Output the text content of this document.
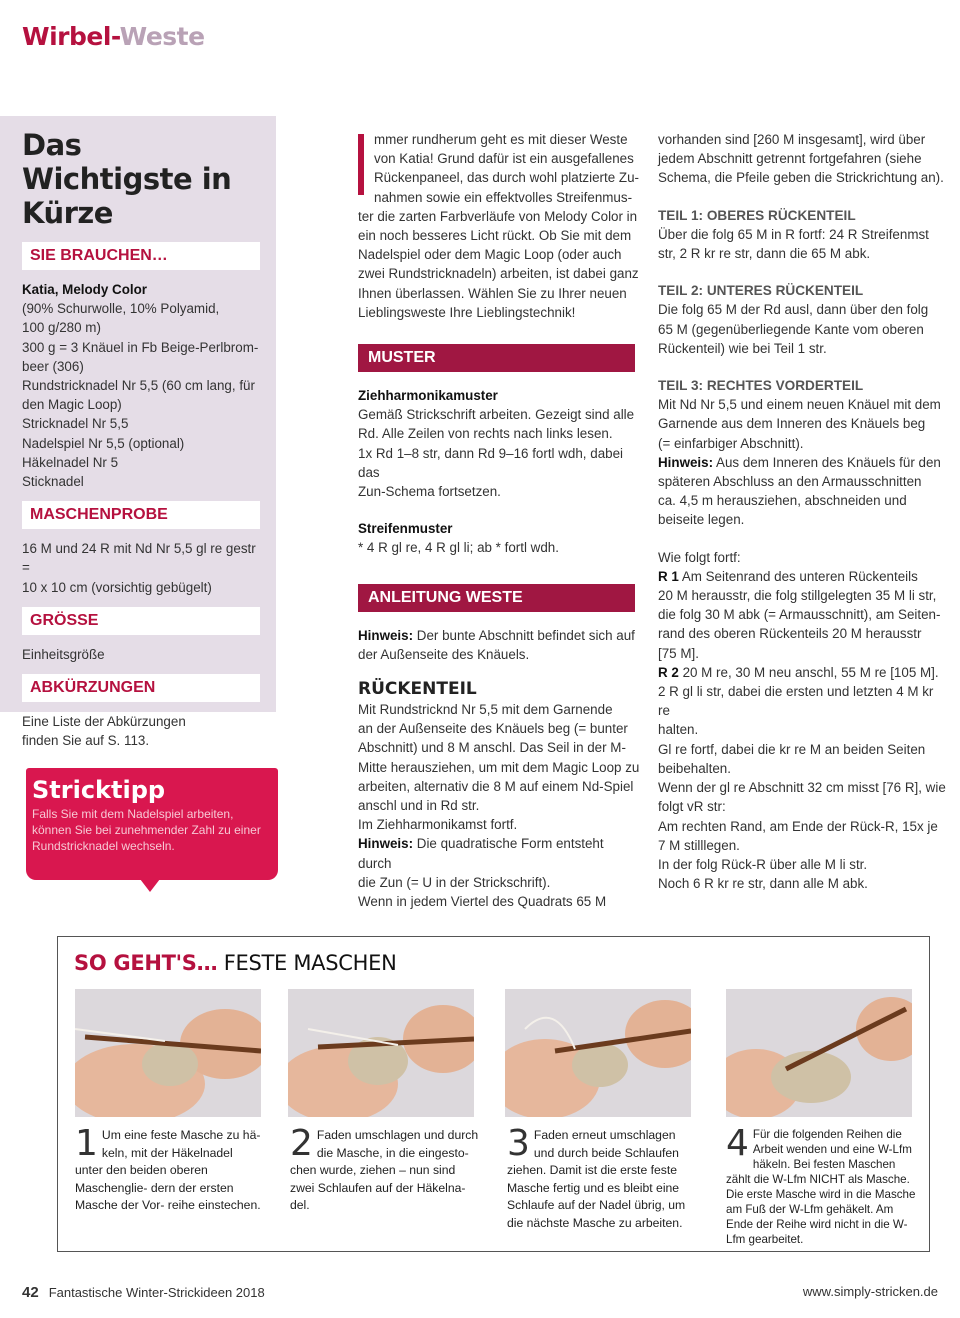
Wirbel-Weste
Das Wichtigste in Kürze
SIE BRAUCHEN…
Katia, Melody Color
(90% Schurwolle, 10% Polyamid,
100 g/280 m)
300 g = 3 Knäuel in Fb Beige-Perlbrom-
beer (306)
Rundstricknadel Nr 5,5 (60 cm lang, für
den Magic Loop)
Stricknadel Nr 5,5
Nadelspiel Nr 5,5 (optional)
Häkelnadel Nr 5
Sticknadel
MASCHENPROBE
16 M und 24 R mit Nd Nr 5,5 gl re gestr =
10 x 10 cm (vorsichtig gebügelt)
GRÖSSE
Einheitsgröße
ABKÜRZUNGEN
Eine Liste der Abkürzungen
finden Sie auf S. 113.
Stricktipp
Falls Sie mit dem Nadelspiel arbeiten, können Sie bei zunehmender Zahl zu einer Rundstricknadel wechseln.
mmer rundherum geht es mit dieser Weste
von Katia! Grund dafür ist ein ausgefallenes
Rückenpaneel, das durch wohl platzierte Zu-
nahmen sowie ein effektvolles Streifenmus-
ter die zarten Farbverläufe von Melody Color in
ein noch besseres Licht rückt. Ob Sie mit dem
Nadelspiel oder dem Magic Loop (oder auch
zwei Rundstricknadeln) arbeiten, ist dabei ganz
Ihnen überlassen. Wählen Sie zu Ihrer neuen
Lieblingsweste Ihre Lieblingstechnik!
MUSTER
Ziehharmonikamuster
Gemäß Strickschrift arbeiten. Gezeigt sind alle
Rd. Alle Zeilen von rechts nach links lesen.
1x Rd 1–8 str, dann Rd 9–16 fortl wdh, dabei das
Zun-Schema fortsetzen.
Streifenmuster
* 4 R gl re, 4 R gl li; ab * fortl wdh.
ANLEITUNG WESTE
Hinweis: Der bunte Abschnitt befindet sich auf
der Außenseite des Knäuels.
RÜCKENTEIL
Mit Rundstricknd Nr 5,5 mit dem Garnende
an der Außenseite des Knäuels beg (= bunter
Abschnitt) und 8 M anschl. Das Seil in der M-
Mitte herausziehen, um mit dem Magic Loop zu
arbeiten, alternativ die 8 M auf einem Nd-Spiel
anschl und in Rd str.
Im Ziehharmonikamst fortf.
Hinweis: Die quadratische Form entsteht durch
die Zun (= U in der Strickschrift).
Wenn in jedem Viertel des Quadrats 65 M
vorhanden sind [260 M insgesamt], wird über
jedem Abschnitt getrennt fortgefahren (siehe
Schema, die Pfeile geben die Strickrichtung an).
TEIL 1: OBERES RÜCKENTEIL
Über die folg 65 M in R fortf: 24 R Streifenmst
str, 2 R kr re str, dann die 65 M abk.
TEIL 2: UNTERES RÜCKENTEIL
Die folg 65 M der Rd ausl, dann über den folg
65 M (gegenüberliegende Kante vom oberen
Rückenteil) wie bei Teil 1 str.
TEIL 3: RECHTES VORDERTEIL
Mit Nd Nr 5,5 und einem neuen Knäuel mit dem
Garnende aus dem Inneren des Knäuels beg
(= einfarbiger Abschnitt).
Hinweis: Aus dem Inneren des Knäuels für den
späteren Abschluss an den Armausschnitten
ca. 4,5 m herausziehen, abschneiden und
beiseite legen.
Wie folgt fortf:
R 1 Am Seitenrand des unteren Rückenteils
20 M herausstr, die folg stillgelegten 35 M li str,
die folg 30 M abk (= Armausschnitt), am Seiten-
rand des oberen Rückenteils 20 M herausstr
[75 M].
R 2 20 M re, 30 M neu anschl, 55 M re [105 M].
2 R gl li str, dabei die ersten und letzten 4 M kr re
halten.
Gl re fortf, dabei die kr re M an beiden Seiten
beibehalten.
Wenn der gl re Abschnitt 32 cm misst [76 R], wie
folgt vR str:
Am rechten Rand, am Ende der Rück-R, 15x je
7 M stilllegen.
In der folg Rück-R über alle M li str.
Noch 6 R kr re str, dann alle M abk.
SO GEHT'S… FESTE MASCHEN
1 Um eine feste Masche zu hä- keln, mit der Häkelnadel unter den beiden oberen Maschenglie- dern der ersten Masche der Vor- reihe einstechen.
2 Faden umschlagen und durch die Masche, in die eingesto- chen wurde, ziehen – nun sind zwei Schlaufen auf der Häkelna- del.
3 Faden erneut umschlagen und durch beide Schlaufen ziehen. Damit ist die erste feste Masche fertig und es bleibt eine Schlaufe auf der Nadel übrig, um die nächste Masche zu arbeiten.
4 Für die folgenden Reihen die Arbeit wenden und eine W-Lfm häkeln. Bei festen Maschen zählt die W-Lfm NICHT als Masche. Die erste Masche wird in die Masche am Fuß der W-Lfm gehäkelt. Am Ende der Reihe wird nicht in die W-Lfm gearbeitet.
42 Fantastische Winter-Strickideen 2018	www.simply-stricken.de
